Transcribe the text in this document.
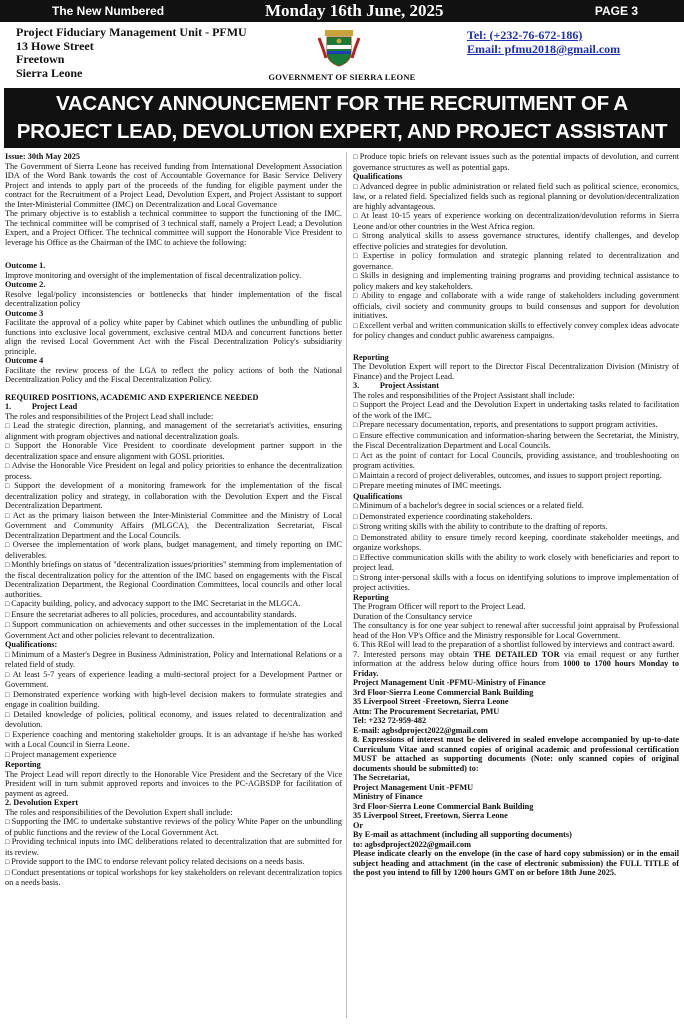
The New Numbered	Monday 16th June, 2025	PAGE 3
Project Fiduciary Management Unit - PFMU
13 Howe Street
Freetown
Sierra Leone	GOVERNMENT OF SIERRA LEONE
Tel: (+232-76-672-186)
Email: pfmu2018@gmail.com
VACANCY ANNOUNCEMENT FOR THE RECRUITMENT OF A
PROJECT LEAD, DEVOLUTION EXPERT, AND PROJECT ASSISTANT

Issue: 30th May 2025

The Government of Sierra Leone has received funding from International Development Association IDA of the Word Bank towards the cost of Accountable Governance for Basic Service Delivery Project and intends to apply part of the proceeds of the funding for eligible payment under the contract for the Recruitment of a Project Lead, Devolution Expert, and Project Assistant to support the Inter-Ministerial Committee (IMC) on Decentralization and Local Governance

The primary objective is to establish a technical committee to support the functioning of the IMC. The technical committee will be comprised of 3 technical staff, namely a Project Lead; a Devolution Expert, and a Project Officer. The technical committee will support the Honorable Vice President to leverage his Office as the Chairman of the IMC to achieve the following:

Outcome 1.

Improve monitoring and oversight of the implementation of fiscal decentralization policy.

Outcome 2.

Resolve legal/policy inconsistencies or bottlenecks that hinder implementation of the fiscal decentralization policy

Outcome 3

Facilitate the approval of a policy white paper by Cabinet which outlines the unbundling of public functions into exclusive local government, exclusive central MDA and concurrent functions better align the revised Local Government Act with the Fiscal Decentralization Policy's subsidiarity principle.

Outcome 4

Facilitate the review process of the LGA to reflect the policy actions of both the National Decentralization Policy and the Fiscal Decentralization Policy.

REQUIRED POSITIONS, ACADEMIC AND EXPERIENCE NEEDED

1.          Project Lead

The roles and responsibilities of the Project Lead shall include:

□ Lead the strategic direction, planning, and management of the secretariat's activities, ensuring alignment with program objectives and national decentralization goals.

□ Support the Honorable Vice President to coordinate development partner support in the decentralization space and ensure alignment with GOSL priorities.

□ Advise the Honorable Vice President on legal and policy priorities to enhance the decentralization process.

□ Support the development of a monitoring framework for the implementation of the fiscal decentralization policy and strategy, in collaboration with the Devolution Expert and the Fiscal Decentralization Department.

□ Act as the primary liaison between the Inter-Ministerial Committee and the Ministry of Local Government and Community Affairs (MLGCA), the Decentralization Secretariat, Fiscal Decentralization Department and the Local Councils.

□ Oversee the implementation of work plans, budget management, and timely reporting on IMC deliverables.

□ Monthly briefings on status of "decentralization issues/priorities" stemming from implementation of the fiscal decentralization policy for the attention of the IMC based on engagements with the Fiscal Decentralization Department, the Regional Coordination Committees, local councils and other local authorities.

□ Capacity building, policy, and advocacy support to the IMC Secretariat in the MLGCA.

□ Ensure the secretariat adheres to all policies, procedures, and accountability standards.

□ Support communication on achievements and other successes in the implementation of the Local Government Act and other policies relevant to decentralization.

Qualifications:

□ Minimum of a Master's Degree in Business Administration, Policy and International Relations or a related field of study.

□ At least 5-7 years of experience leading a multi-sectoral project for a Development Partner or Government.

□ Demonstrated experience working with high-level decision makers to formulate strategies and engage in coalition building.

□ Detailed knowledge of policies, political economy, and issues related to decentralization and devolution.

□ Experience coaching and mentoring stakeholder groups. It is an advantage if he/she has worked with a Local Council in Sierra Leone.

□ Project management experience

Reporting

The Project Lead will report directly to the Honorable Vice President and the Secretary of the Vice President will in turn submit approved reports and invoices to the PC-AGBSDP for facilitation of payment as agreed.

2. Devolution Expert

The roles and responsibilities of the Devolution Expert shall include:

□ Supporting the IMC to undertake substantive reviews of the policy White Paper on the unbundling of public functions and the review of the Local Government Act.

□ Providing technical inputs into IMC deliberations related to decentralization that are submitted for its review.

□ Provide support to the IMC to endorse relevant policy related decisions on a needs basis.

□ Conduct presentations or topical workshops for key stakeholders on relevant decentralization topics on a needs basis.

□ Produce topic briefs on relevant issues such as the potential impacts of devolution, and current governance structures as well as potential gaps.

Qualifications

□ Advanced degree in public administration or related field such as political science, economics, law, or a related field. Specialized fields such as regional planning or devolution/decentralization are highly advantageous.

□ At least 10-15 years of experience working on decentralization/devolution reforms in Sierra Leone and/or other countries in the West Africa region.

□ Strong analytical skills to assess governance structures, identify challenges, and develop effective policies and strategies for devolution.

□ Expertise in policy formulation and strategic planning related to decentralization and governance.

□ Skills in designing and implementing training programs and providing technical assistance to policy makers and key stakeholders.

□ Ability to engage and collaborate with a wide range of stakeholders including government officials, civil society and community groups to build consensus and support for devolution initiatives.

□ Excellent verbal and written communication skills to effectively convey complex ideas advocate for policy changes and conduct public awareness campaigns.

Reporting

The Devolution Expert will report to the Director Fiscal Decentralization Division (Ministry of Finance) and the Project Lead.

3.          Project Assistant

The roles and responsibilities of the Project Assistant shall include:

□ Support the Project Lead and the Devolution Expert in undertaking tasks related to facilitation of the work of the IMC.

□ Prepare necessary documentation, reports, and presentations to support program activities.

□ Ensure effective communication and information-sharing between the Secretariat, the Ministry, the Fiscal Decentralization Department and Local Councils.

□ Act as the point of contact for Local Councils, providing assistance, and troubleshooting on program activities.

□ Maintain a record of project deliverables, outcomes, and issues to support project reporting.

□ Prepare meeting minutes of IMC meetings.

Qualifications

□ Minimum of a bachelor's degree in social sciences or a related field.

□ Demonstrated experience coordinating stakeholders.

□ Strong writing skills with the ability to contribute to the drafting of reports.

□ Demonstrated ability to ensure timely record keeping, coordinate stakeholder meetings, and organize workshops.

□ Effective communication skills with the ability to work closely with beneficiaries and report to project lead.

□ Strong inter-personal skills with a focus on identifying solutions to improve implementation of project activities.

Reporting

The Program Officer will report to the Project Lead.

Duration of the Consultancy service

The consultancy is for one year subject to renewal after successful joint appraisal by Professional head of the Hon VP's Office and the Ministry responsible for Local Government.

6. This REoI will lead to the preparation of a shortlist followed by interviews and contract award.

7. Interested persons may obtain THE DETAILED TOR via email request or any further information at the address below during office hours from 1000 to 1700 hours Monday to Friday.

Project Management Unit -PFMU-Ministry of Finance

3rd Floor-Sierra Leone Commercial Bank Building

35 Liverpool Street -Freetown, Sierra Leone

Attn: The Procurement Secretariat, PMU

Tel: +232 72-959-482

E-mail: agbsdproject2022@gmail.com

8. Expressions of interest must be delivered in sealed envelope accompanied by up-to-date Curriculum Vitae and scanned copies of original academic and professional certification MUST be attached as supporting documents (Note: only scanned copies of original documents should be submitted) to:

The Secretariat,

Project Management Unit -PFMU

Ministry of Finance

3rd Floor-Sierra Leone Commercial Bank Building

35 Liverpool Street, Freetown, Sierra Leone

Or

By E-mail as attachment (including all supporting documents)

to: agbsdproject2022@gmail.com

Please indicate clearly on the envelope (in the case of hard copy submission) or in the email subject heading and attachment (in the case of electronic submission) the FULL TITLE of the post you intend to fill by 1200 hours GMT on or before 18th June 2025.
